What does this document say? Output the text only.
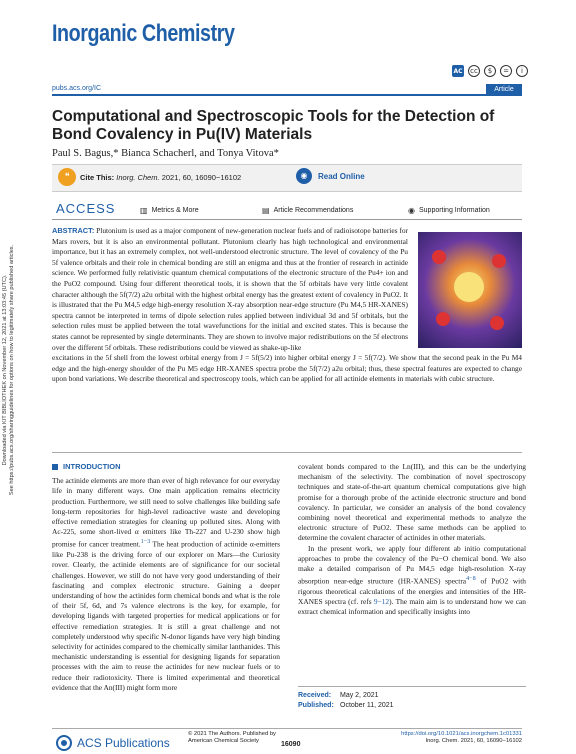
Downloaded via KIT BIBLIOTHEK on November 12, 2021 at 13:03:45 (UTC).
See https://pubs.acs.org/sharingguidelines for options on how to legitimately share published articles.
Inorganic Chemistry
AC	cc	$	=	i
pubs.acs.org/IC	Article
Computational and Spectroscopic Tools for the Detection of Bond Covalency in Pu(IV) Materials
Paul S. Bagus,* Bianca Schacherl, and Tonya Vitova*
❝	Cite This: Inorg. Chem. 2021, 60, 16090−16102	◉	Read Online
ACCESS	▥ Metrics & More	▤ Article Recommendations	◉ Supporting Information
ABSTRACT: Plutonium is used as a major component of new-generation nuclear fuels and of radioisotope batteries for Mars rovers, but it is also an environmental pollutant. Plutonium clearly has high technological and environmental importance, but it has an extremely complex, not well-understood electronic structure. The level of covalency of the Pu 5f valence orbitals and their role in chemical bonding are still an enigma and thus at the frontier of research in actinide science. We performed fully relativistic quantum chemical computations of the electronic structure of the Pu4+ ion and the PuO2 compound. Using four different theoretical tools, it is shown that the 5f orbitals have very little covalent character although the 5f(7/2) a2u orbital with the highest orbital energy has the greatest extent of covalency in PuO2. It is illustrated that the Pu M4,5 edge high-energy resolution X-ray absorption near-edge structure (Pu M4,5 HR-XANES) spectra cannot be interpreted in terms of dipole selection rules applied between individual 3d and 5f orbitals, but the selection rules must be applied between the total wavefunctions for the initial and excited states. This is because the states cannot be represented by single determinants. They are shown to involve major redistributions on the 5f electrons over the different 5f orbitals. These redistributions could be viewed as shake-up-like
excitations in the 5f shell from the lowest orbital energy from J = 5f(5/2) into higher orbital energy J = 5f(7/2). We show that the second peak in the Pu M4 edge and the high-energy shoulder of the Pu M5 edge HR-XANES spectra probe the 5f(7/2) a2u orbital; thus, these spectral features are expected to change upon bond variations. We describe theoretical and spectroscopy tools, which can be applied for all actinide elements in materials with cubic structure.
INTRODUCTION

The actinide elements are more than ever of high relevance for our everyday life in many different ways. One main application remains electricity production. Furthermore, we still need to solve challenges like building safe long-term repositories for high-level radioactive waste and developing effective remediation strategies for cleaning up polluted sites. Along with Ac-225, some short-lived α emitters like Th-227 and U-230 show high promise for cancer treatment.$^{1-3}$ The heat production of actinide α-emitters like Pu-238 is the driving force of our explorer on Mars—the Curiosity rover. Clearly, the actinide elements are of significance for our societal challenges. However, we still do not have very good understanding of their fascinating and complex electronic structure. Gaining a deeper understanding of how the actinides form chemical bonds and what is the role of their 5f, 6d, and 7s valence electrons is the key, for example, for developing ligands with targeted properties for medical applications or for effective remediation strategies. It is still a great challenge and not completely understood why specific N-donor ligands have very high binding selectivity for actinides compared to the chemically similar lanthanides. This mechanistic understanding is essential for designing ligands for separation processes with the aim to reuse the actinides for new nuclear fuels or to reduce their radiotoxicity. There is limited experimental and theoretical evidence that the An(III) might form more

covalent bonds compared to the Ln(III), and this can be the underlying mechanism of the selectivity. The combination of novel spectroscopy techniques and state-of-the-art quantum chemical computations give high promise for a thorough probe of the actinide electronic structure and bond covalency. In particular, we consider an analysis of the bond covalency combining novel theoretical and experimental methods to analyze the electronic structure of PuO2. These same methods can be applied to determine the covalent character of actinides in other materials.

In the present work, we apply four different ab initio computational approaches to probe the covalency of the Pu−O chemical bond. We also make a detailed comparison of Pu M4,5 edge high-resolution X-ray absorption near-edge structure (HR-XANES) spectra$^{4-8}$ of PuO2 with rigorous theoretical calculations of the energies and intensities of the HR-XANES spectra (cf. refs 9−12). The main aim is to understand how we can extract chemical information and specifically insights into

Received: May 2, 2021
Published: October 11, 2021
ACS Publications
© 2021 The Authors. Published by
American Chemical Society	16090
https://doi.org/10.1021/acs.inorgchem.1c01331
Inorg. Chem. 2021, 60, 16090−16102
